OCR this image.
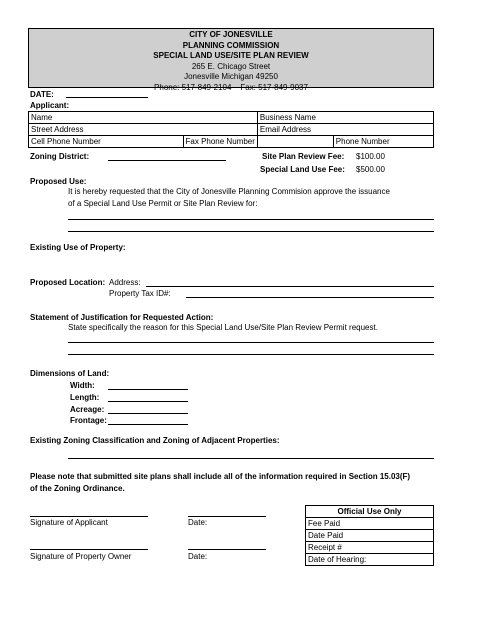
CITY OF JONESVILLE
PLANNING COMMISSION
SPECIAL LAND USE/SITE PLAN REVIEW
265 E. Chicago Street
Jonesville Michigan 49250
Phone: 517-849-2104    Fax: 517-849-9037
DATE:
Applicant:
Name		Business Name	
Street Address		Email Address	
Cell Phone Number	Fax Phone Number		Phone Number
Zoning District:	Site Plan Review Fee: $100.00
Special Land Use Fee: $500.00
Proposed Use:
It is hereby requested that the City of Jonesville Planning Commision approve the issuance
of a Special Land Use Permit or Site Plan Review for:
Existing Use of Property:
Proposed Location: Address:
Property Tax ID#:
Statement of Justification for Requested Action:
State specifically the reason for this Special Land Use/Site Plan Review Permit request.
Dimensions of Land:
Width:
Length:
Acreage:
Frontage:
Existing Zoning Classification and Zoning of Adjacent Properties:
Please note that submitted site plans shall include all of the information required in Section 15.03(F)
of the Zoning Ordinance.
Signature of Applicant	Date:
Signature of Property Owner	Date:
Official Use Only
Fee Paid
Date Paid
Receipt #
Date of Hearing:
